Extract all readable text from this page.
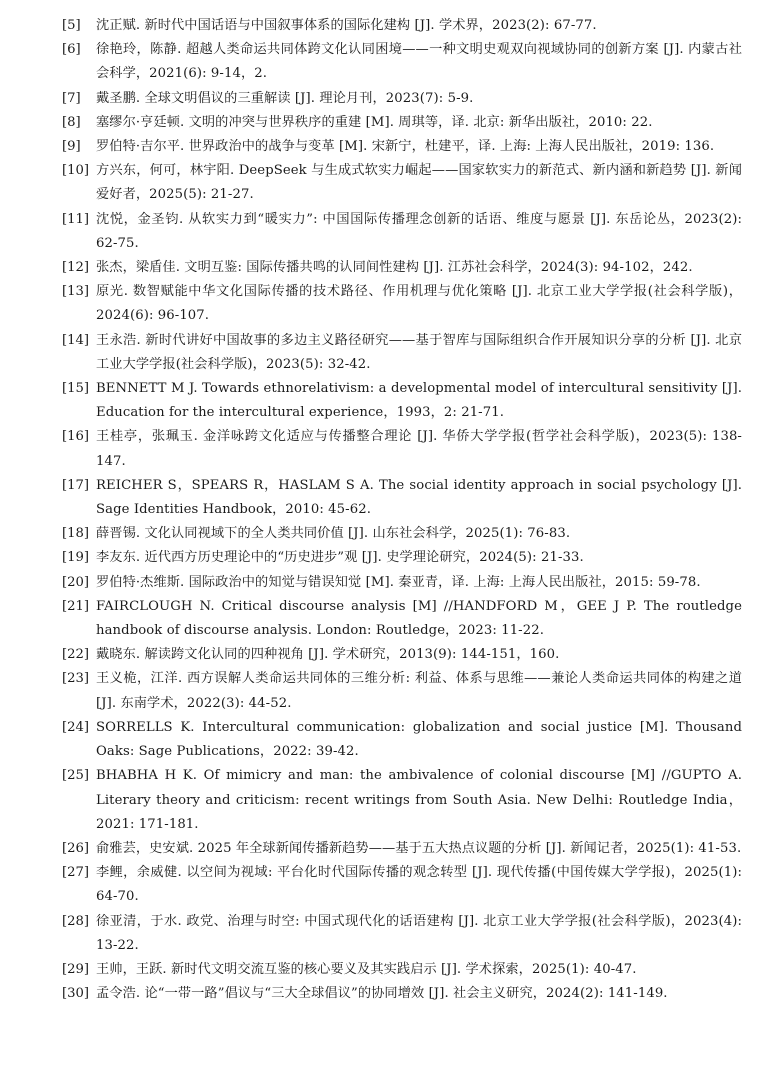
[5] 沈正赋. 新时代中国话语与中国叙事体系的国际化建构 [J]. 学术界，2023(2): 67-77.
[6] 徐艳玲，陈静. 超越人类命运共同体跨文化认同困境——一种文明史观双向视域协同的创新方案 [J]. 内蒙古社会科学，2021(6): 9-14，2.
[7] 戴圣鹏. 全球文明倡议的三重解读 [J]. 理论月刊，2023(7): 5-9.
[8] 塞缪尔·亨廷顿. 文明的冲突与世界秩序的重建 [M]. 周琪等，译. 北京: 新华出版社，2010: 22.
[9] 罗伯特·吉尔平. 世界政治中的战争与变革 [M]. 宋新宁，杜建平，译. 上海: 上海人民出版社，2019: 136.
[10] 方兴东，何可，林宇阳. DeepSeek 与生成式软实力崛起——国家软实力的新范式、新内涵和新趋势 [J]. 新闻爱好者，2025(5): 21-27.
[11] 沈悦，金圣钧. 从软实力到“暖实力”: 中国国际传播理念创新的话语、维度与愿景 [J]. 东岳论丛，2023(2): 62-75.
[12] 张杰，梁盾佳. 文明互鉴: 国际传播共鸣的认同间性建构 [J]. 江苏社会科学，2024(3): 94-102，242.
[13] 原光. 数智赋能中华文化国际传播的技术路径、作用机理与优化策略 [J]. 北京工业大学学报(社会科学版)，2024(6): 96-107.
[14] 王永浩. 新时代讲好中国故事的多边主义路径研究——基于智库与国际组织合作开展知识分享的分析 [J]. 北京工业大学学报(社会科学版)，2023(5): 32-42.
[15] BENNETT M J. Towards ethnorelativism: a developmental model of intercultural sensitivity [J]. Education for the intercultural experience，1993，2: 21-71.
[16] 王桂亭，张珮玉. 金洋咏跨文化适应与传播整合理论 [J]. 华侨大学学报(哲学社会科学版)，2023(5): 138-147.
[17] REICHER S，SPEARS R，HASLAM S A. The social identity approach in social psychology [J]. Sage Identities Handbook，2010: 45-62.
[18] 薛晋锡. 文化认同视域下的全人类共同价值 [J]. 山东社会科学，2025(1): 76-83.
[19] 李友东. 近代西方历史理论中的“历史进步”观 [J]. 史学理论研究，2024(5): 21-33.
[20] 罗伯特·杰维斯. 国际政治中的知觉与错误知觉 [M]. 秦亚青，译. 上海: 上海人民出版社，2015: 59-78.
[21] FAIRCLOUGH N. Critical discourse analysis [M] //HANDFORD M，GEE J P. The routledge handbook of discourse analysis. London: Routledge，2023: 11-22.
[22] 戴晓东. 解读跨文化认同的四种视角 [J]. 学术研究，2013(9): 144-151，160.
[23] 王义桅，江洋. 西方误解人类命运共同体的三维分析: 利益、体系与思维——兼论人类命运共同体的构建之道 [J]. 东南学术，2022(3): 44-52.
[24] SORRELLS K. Intercultural communication: globalization and social justice [M]. Thousand Oaks: Sage Publications，2022: 39-42.
[25] BHABHA H K. Of mimicry and man: the ambivalence of colonial discourse [M] //GUPTO A. Literary theory and criticism: recent writings from South Asia. New Delhi: Routledge India，2021: 171-181.
[26] 俞雅芸，史安斌. 2025 年全球新闻传播新趋势——基于五大热点议题的分析 [J]. 新闻记者，2025(1): 41-53.
[27] 李鲤，余威健. 以空间为视域: 平台化时代国际传播的观念转型 [J]. 现代传播(中国传媒大学学报)，2025(1): 64-70.
[28] 徐亚清，于水. 政党、治理与时空: 中国式现代化的话语建构 [J]. 北京工业大学学报(社会科学版)，2023(4): 13-22.
[29] 王帅，王跃. 新时代文明交流互鉴的核心要义及其实践启示 [J]. 学术探索，2025(1): 40-47.
[30] 孟令浩. 论“一带一路”倡议与“三大全球倡议”的协同增效 [J]. 社会主义研究，2024(2): 141-149.
